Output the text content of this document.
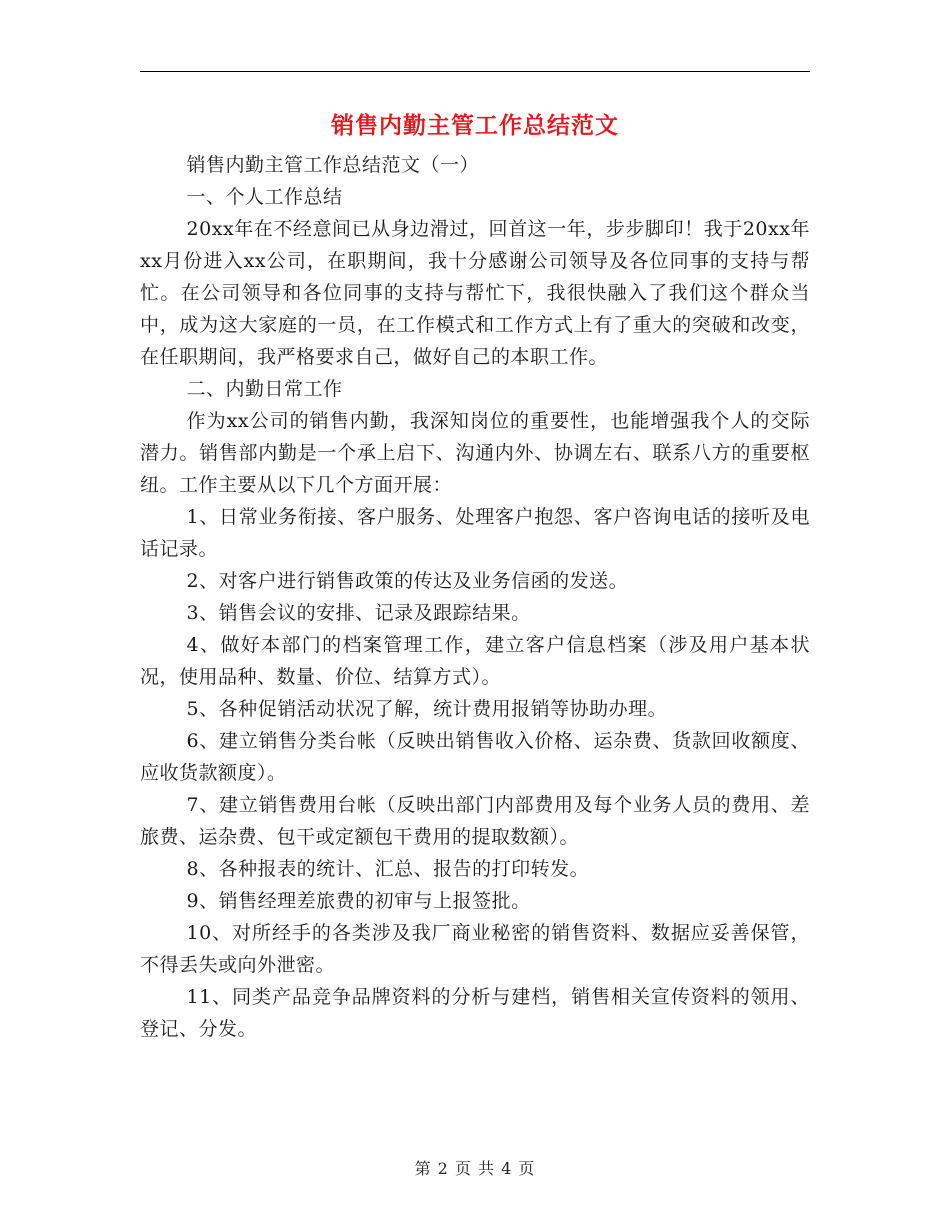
销售内勤主管工作总结范文

销售内勤主管工作总结范文（一）

一、个人工作总结

20xx年在不经意间已从身边滑过，回首这一年，步步脚印！我于20xx年xx月份进入xx公司，在职期间，我十分感谢公司领导及各位同事的支持与帮忙。在公司领导和各位同事的支持与帮忙下，我很快融入了我们这个群众当中，成为这大家庭的一员，在工作模式和工作方式上有了重大的突破和改变，在任职期间，我严格要求自己，做好自己的本职工作。

二、内勤日常工作

作为xx公司的销售内勤，我深知岗位的重要性，也能增强我个人的交际潜力。销售部内勤是一个承上启下、沟通内外、协调左右、联系八方的重要枢纽。工作主要从以下几个方面开展：

1、日常业务衔接、客户服务、处理客户抱怨、客户咨询电话的接听及电话记录。

2、对客户进行销售政策的传达及业务信函的发送。

3、销售会议的安排、记录及跟踪结果。

4、做好本部门的档案管理工作，建立客户信息档案（涉及用户基本状况，使用品种、数量、价位、结算方式）。

5、各种促销活动状况了解，统计费用报销等协助办理。

6、建立销售分类台帐（反映出销售收入价格、运杂费、货款回收额度、应收货款额度）。

7、建立销售费用台帐（反映出部门内部费用及每个业务人员的费用、差旅费、运杂费、包干或定额包干费用的提取数额）。

8、各种报表的统计、汇总、报告的打印转发。

9、销售经理差旅费的初审与上报签批。

10、对所经手的各类涉及我厂商业秘密的销售资料、数据应妥善保管，不得丢失或向外泄密。

11、同类产品竞争品牌资料的分析与建档，销售相关宣传资料的领用、登记、分发。

第 2 页 共 4 页
